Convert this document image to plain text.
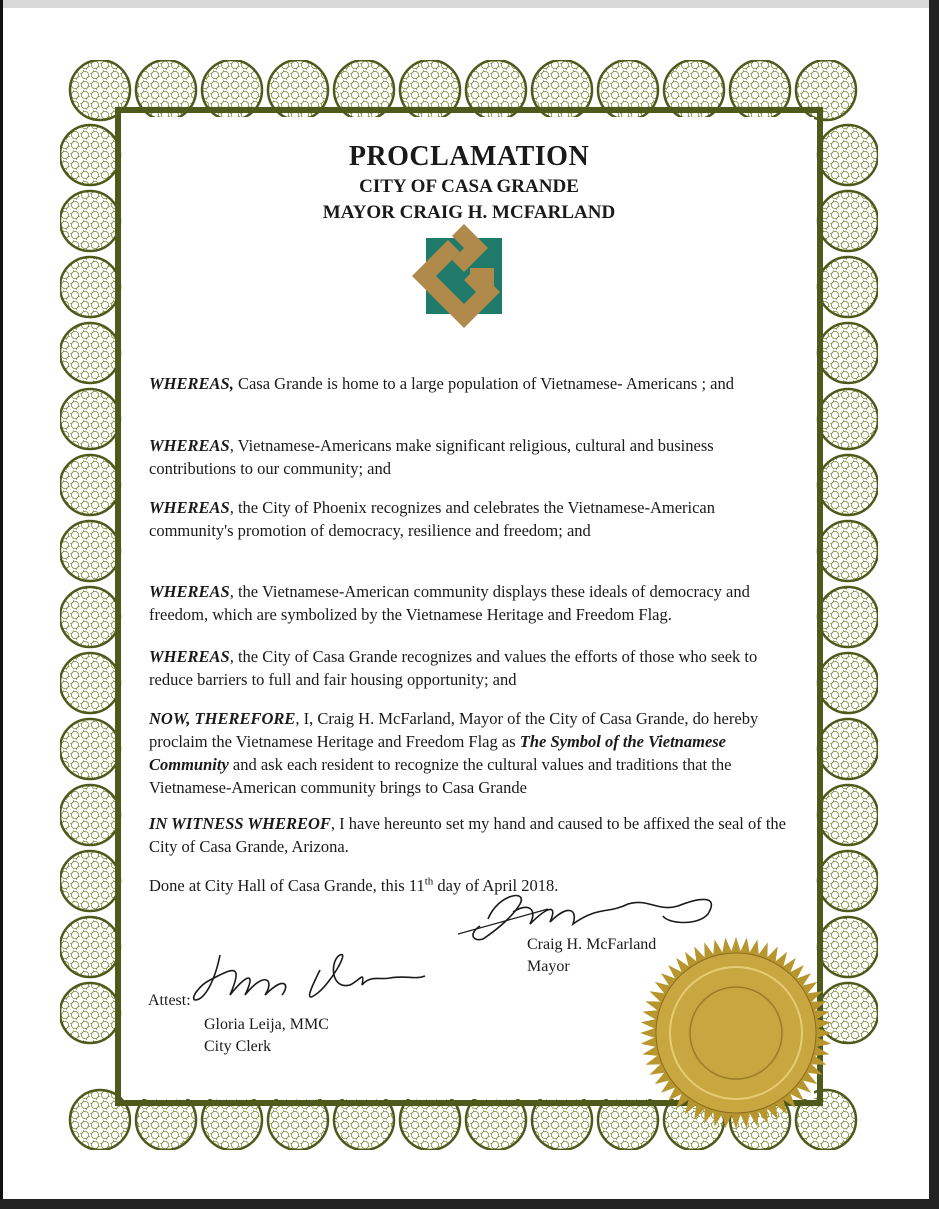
PROCLAMATION

CITY OF CASA GRANDE

MAYOR CRAIG H. MCFARLAND

WHEREAS, Casa Grande is home to a large population of Vietnamese- Americans ; and
WHEREAS, Vietnamese-Americans make significant religious, cultural and business contributions to our community; and
WHEREAS, the City of Phoenix recognizes and celebrates the Vietnamese-American community's promotion of democracy, resilience and freedom; and
WHEREAS, the Vietnamese-American community displays these ideals of democracy and freedom, which are symbolized by the Vietnamese Heritage and Freedom Flag.
WHEREAS, the City of Casa Grande recognizes and values the efforts of those who seek to reduce barriers to full and fair housing opportunity; and
NOW, THEREFORE, I, Craig H. McFarland, Mayor of the City of Casa Grande, do hereby proclaim the Vietnamese Heritage and Freedom Flag as The Symbol of the Vietnamese Community and ask each resident to recognize the cultural values and traditions that the Vietnamese-American community brings to Casa Grande
IN WITNESS WHEREOF, I have hereunto set my hand and caused to be affixed the seal of the City of Casa Grande, Arizona.
Done at City Hall of Casa Grande, this 11th day of April 2018.
Craig H. McFarland
Mayor
Attest:
Gloria Leija, MMC
City Clerk
